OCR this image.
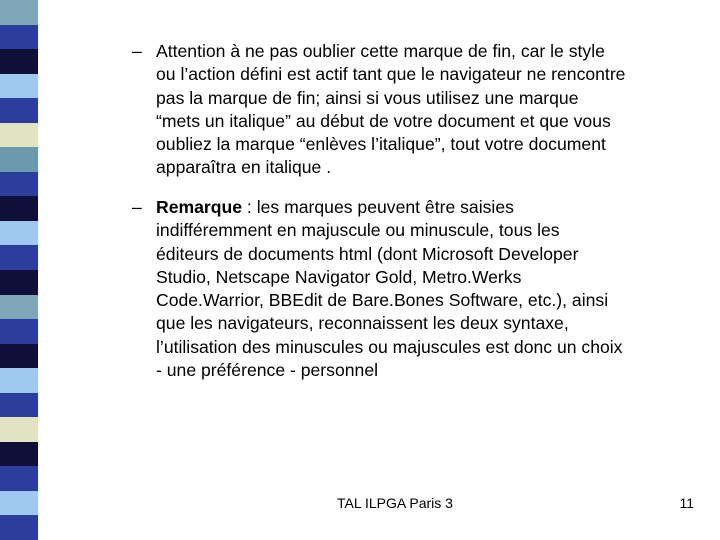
– Attention à ne pas oublier cette marque de fin, car le style
ou l’action défini est actif tant que le navigateur ne rencontre
pas la marque de fin; ainsi si vous utilisez une marque
“mets un italique” au début de votre document et que vous
oubliez la marque “enlèves l’italique”, tout votre document
apparaîtra en italique .
– Remarque : les marques peuvent être saisies
indifféremment en majuscule ou minuscule, tous les
éditeurs de documents html (dont Microsoft Developer
Studio, Netscape Navigator Gold, Metro.Werks
Code.Warrior, BBEdit de Bare.Bones Software, etc.), ainsi
que les navigateurs, reconnaissent les deux syntaxe,
l’utilisation des minuscules ou majuscules est donc un choix
- une préférence - personnel
TAL ILPGA Paris 3	11
